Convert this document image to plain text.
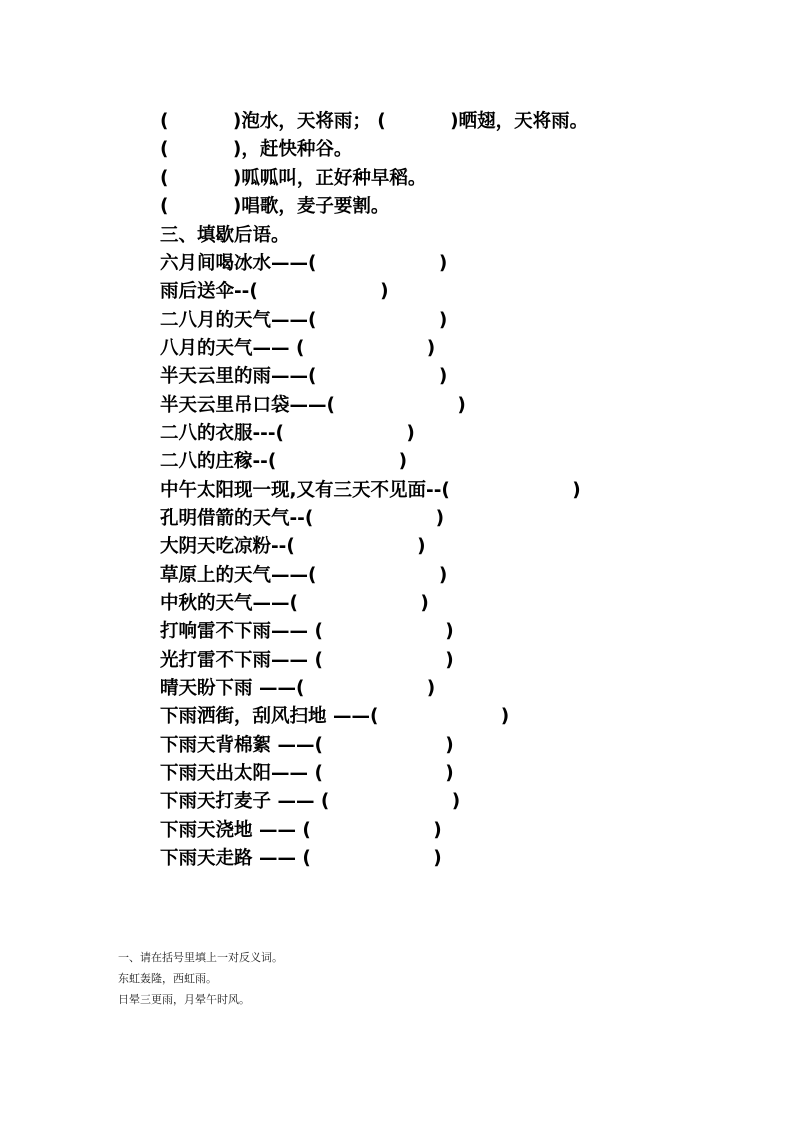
(          )泡水，天将雨； (          )晒翅，天将雨。
(          )，赶快种谷。
(          )呱呱叫，正好种早稻。
(          )唱歌，麦子要割。
三、填歇后语。
六月间喝冰水——(                   )
雨后送伞--(                   )
二八月的天气——(                   )
八月的天气—— (                   )
半天云里的雨——(                   )
半天云里吊口袋——(                   )
二八的衣服---(                   )
二八的庄稼--(                   )
中午太阳现一现,又有三天不见面--(                   )
孔明借箭的天气--(                   )
大阴天吃凉粉--(                   )
草原上的天气——(                   )
中秋的天气——(                   )
打响雷不下雨—— (                   )
光打雷不下雨—— (                   )
晴天盼下雨 ——(                   )
下雨洒街，刮风扫地 ——(                   )
下雨天背棉絮 ——(                   )
下雨天出太阳—— (                   )
下雨天打麦子 —— (                   )
下雨天浇地 —— (                   )
下雨天走路 —— (                   )
一、请在括号里填上一对反义词。
东虹轰隆，西虹雨。
日晕三更雨，月晕午时风。
